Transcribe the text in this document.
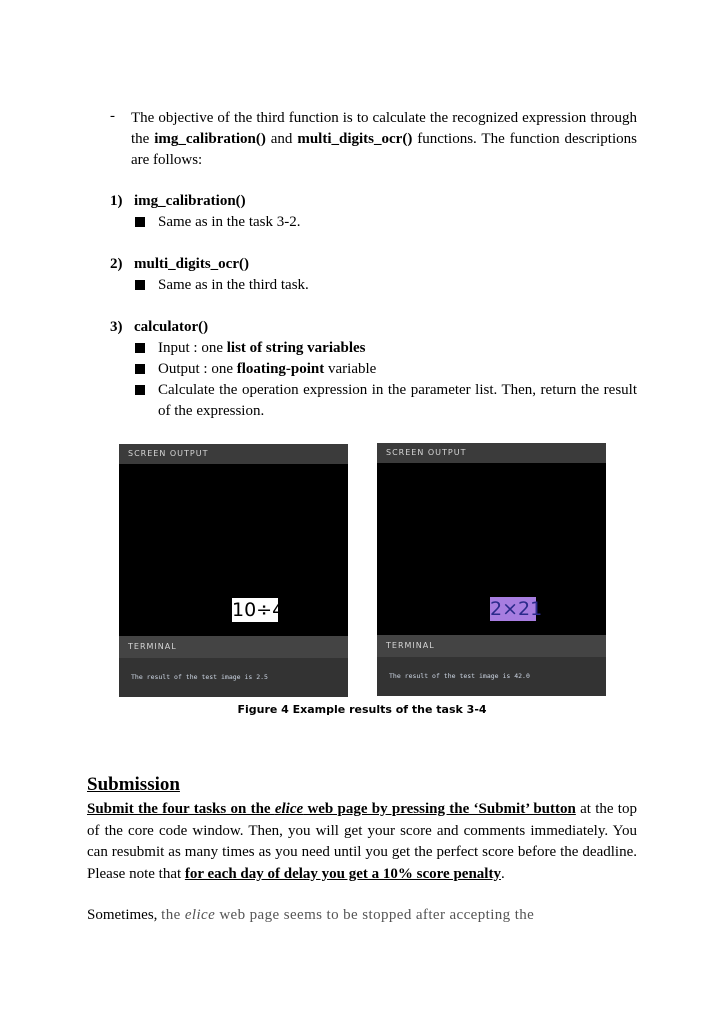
- The objective of the third function is to calculate the recognized expression through the img_calibration() and multi_digits_ocr() functions. The function descriptions are follows:
1) img_calibration()
Same as in the task 3-2.
2) multi_digits_ocr()
Same as in the third task.
3) calculator()
Input : one list of string variables
Output : one floating-point variable
Calculate the operation expression in the parameter list. Then, return the result of the expression.
SCREEN OUTPUT
10÷4
TERMINAL
The result of the test image is 2.5
SCREEN OUTPUT
2×21
TERMINAL
The result of the test image is 42.0
Figure 4 Example results of the task 3-4
Submission
Submit the four tasks on the elice web page by pressing the ‘Submit’ button at the top of the core code window. Then, you will get your score and comments immediately. You can resubmit as many times as you need until you get the perfect score before the deadline. Please note that for each day of delay you get a 10% score penalty.
Sometimes, the elice web page seems to be stopped after accepting the
